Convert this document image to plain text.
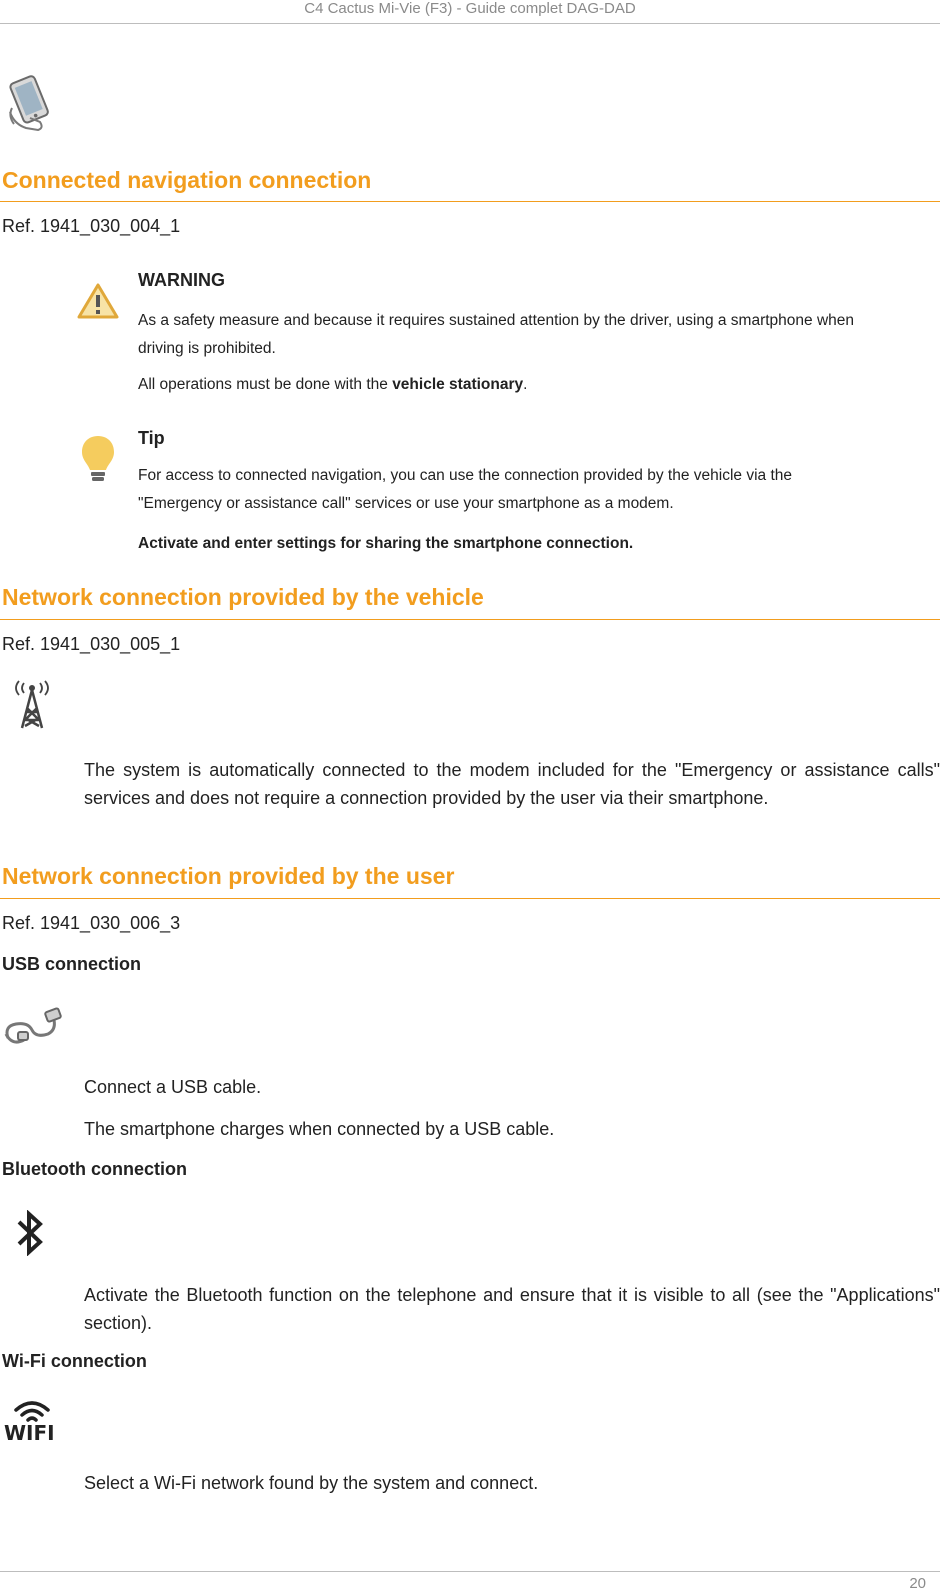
C4 Cactus Mi-Vie (F3) - Guide complet DAG-DAD
Connected navigation connection
Ref. 1941_030_004_1
WARNING
As a safety measure and because it requires sustained attention by the driver, using a smartphone when driving is prohibited.
All operations must be done with the vehicle stationary.
Tip
For access to connected navigation, you can use the connection provided by the vehicle via the "Emergency or assistance call" services or use your smartphone as a modem.
Activate and enter settings for sharing the smartphone connection.
Network connection provided by the vehicle
Ref. 1941_030_005_1
The system is automatically connected to the modem included for the "Emergency or assistance calls" services and does not require a connection provided by the user via their smartphone.
Network connection provided by the user
Ref. 1941_030_006_3
USB connection
Connect a USB cable.
The smartphone charges when connected by a USB cable.
Bluetooth connection
Activate the Bluetooth function on the telephone and ensure that it is visible to all (see the "Applications" section).
Wi-Fi connection
WIFI
Select a Wi-Fi network found by the system and connect.
20
